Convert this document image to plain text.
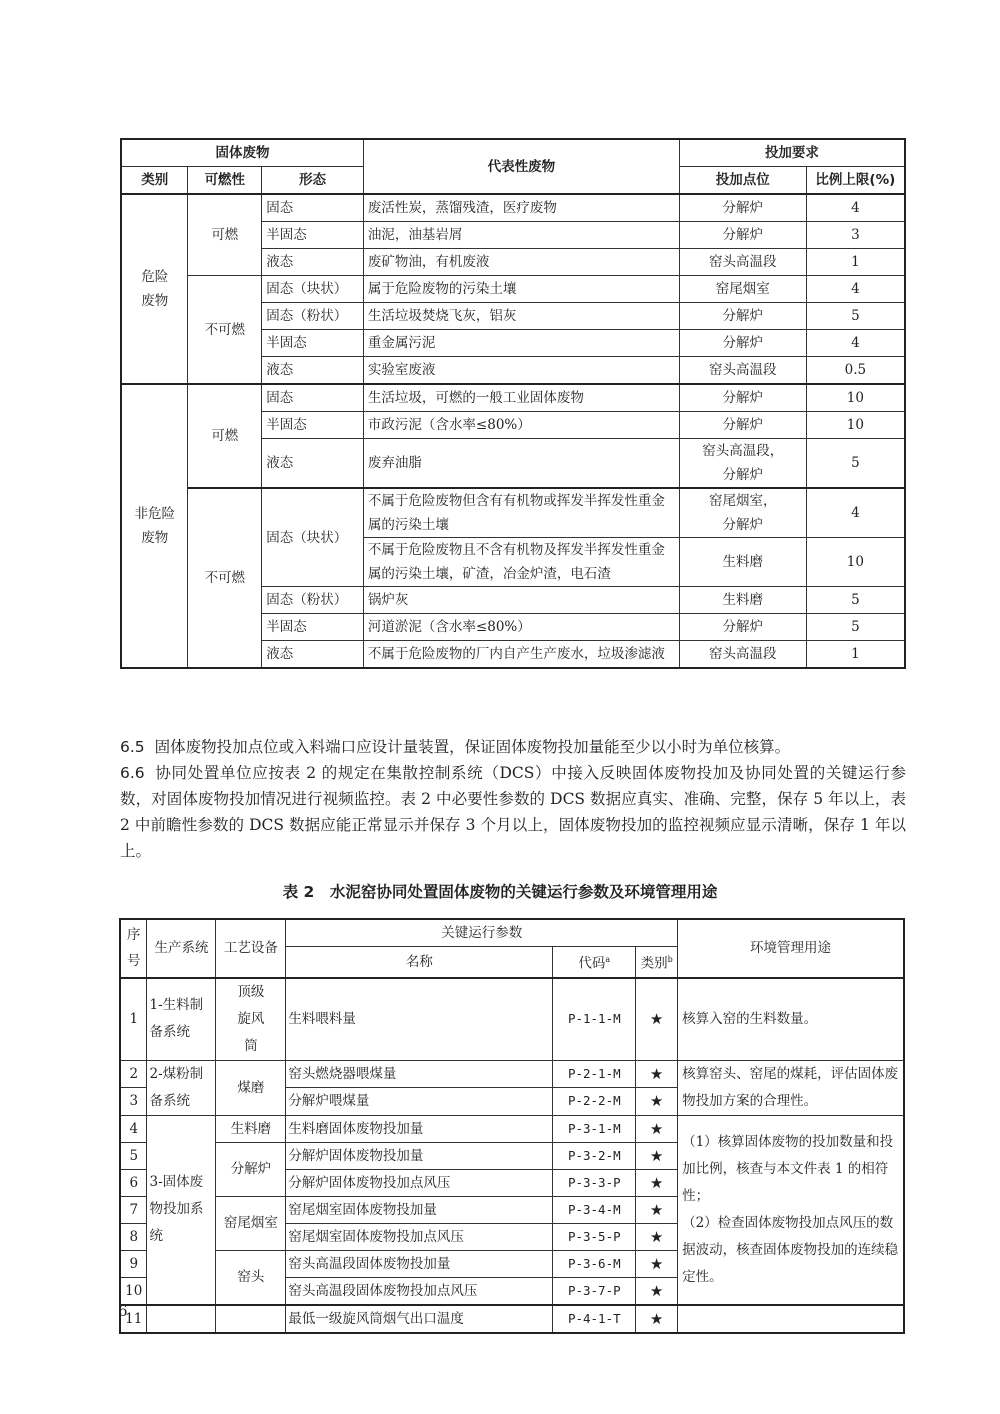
固体废物			代表性废物	投加要求	
类别	可燃性	形态		投加点位	比例上限(%)
危险废物	可燃	固态	废活性炭，蒸馏残渣，医疗废物	分解炉	4
		半固态	油泥，油基岩屑	分解炉	3
		液态	废矿物油，有机废液	窑头高温段	1
	不可燃	固态（块状）	属于危险废物的污染土壤	窑尾烟室	4
		固态（粉状）	生活垃圾焚烧飞灰，铝灰	分解炉	5
		半固态	重金属污泥	分解炉	4
		液态	实验室废液	窑头高温段	0.5
非危险废物	可燃	固态	生活垃圾，可燃的一般工业固体废物	分解炉	10
		半固态	市政污泥（含水率≤80%）	分解炉	10
		液态	废弃油脂	窑头高温段，分解炉	5
	不可燃	固态（块状）	不属于危险废物但含有有机物或挥发半挥发性重金属的污染土壤	窑尾烟室，分解炉	4
			不属于危险废物且不含有机物及挥发半挥发性重金属的污染土壤，矿渣，冶金炉渣，电石渣	生料磨	10
		固态（粉状）	锅炉灰	生料磨	5
		半固态	河道淤泥（含水率≤80%）	分解炉	5
		液态	不属于危险废物的厂内自产生产废水，垃圾渗滤液	窑头高温段	1
6.5 固体废物投加点位或入料端口应设计量装置，保证固体废物投加量能至少以小时为单位核算。
6.6 协同处置单位应按表 2 的规定在集散控制系统（DCS）中接入反映固体废物投加及协同处置的关键运行参数，对固体废物投加情况进行视频监控。表 2 中必要性参数的 DCS 数据应真实、准确、完整，保存 5 年以上，表 2 中前瞻性参数的 DCS 数据应能正常显示并保存 3 个月以上，固体废物投加的监控视频应显示清晰，保存 1 年以上。
表 2　水泥窑协同处置固体废物的关键运行参数及环境管理用途
序号	生产系统	工艺设备	关键运行参数			环境管理用途
			名称	代码$^a$	类别$^b$
1	1-生料制备系统	顶级旋风筒	生料喂料量	P-1-1-M	★	核算入窑的生料数量。
2	2-煤粉制备系统	煤磨	窑头燃烧器喂煤量	P-2-1-M	★	核算窑头、窑尾的煤耗，评估固体废物投加方案的合理性。
3			分解炉喂煤量	P-2-2-M	★	
4	3-固体废物投加系统	生料磨	生料磨固体废物投加量	P-3-1-M	★	（1）核算固体废物的投加数量和投加比例，核查与本文件表 1 的相符性；
（2）检查固体废物投加点风压的数据波动，核查固体废物投加的连续稳定性。

5		分解炉	分解炉固体废物投加量	P-3-2-M	★	
6			分解炉固体废物投加点风压	P-3-3-P	★	
7		窑尾烟室	窑尾烟室固体废物投加量	P-3-4-M	★	
8			窑尾烟室固体废物投加点风压	P-3-5-P	★	
9		窑头	窑头高温段固体废物投加量	P-3-6-M	★	
10			窑头高温段固体废物投加点风压	P-3-7-P	★	
11			最低一级旋风筒烟气出口温度	P-4-1-T	★	
6
